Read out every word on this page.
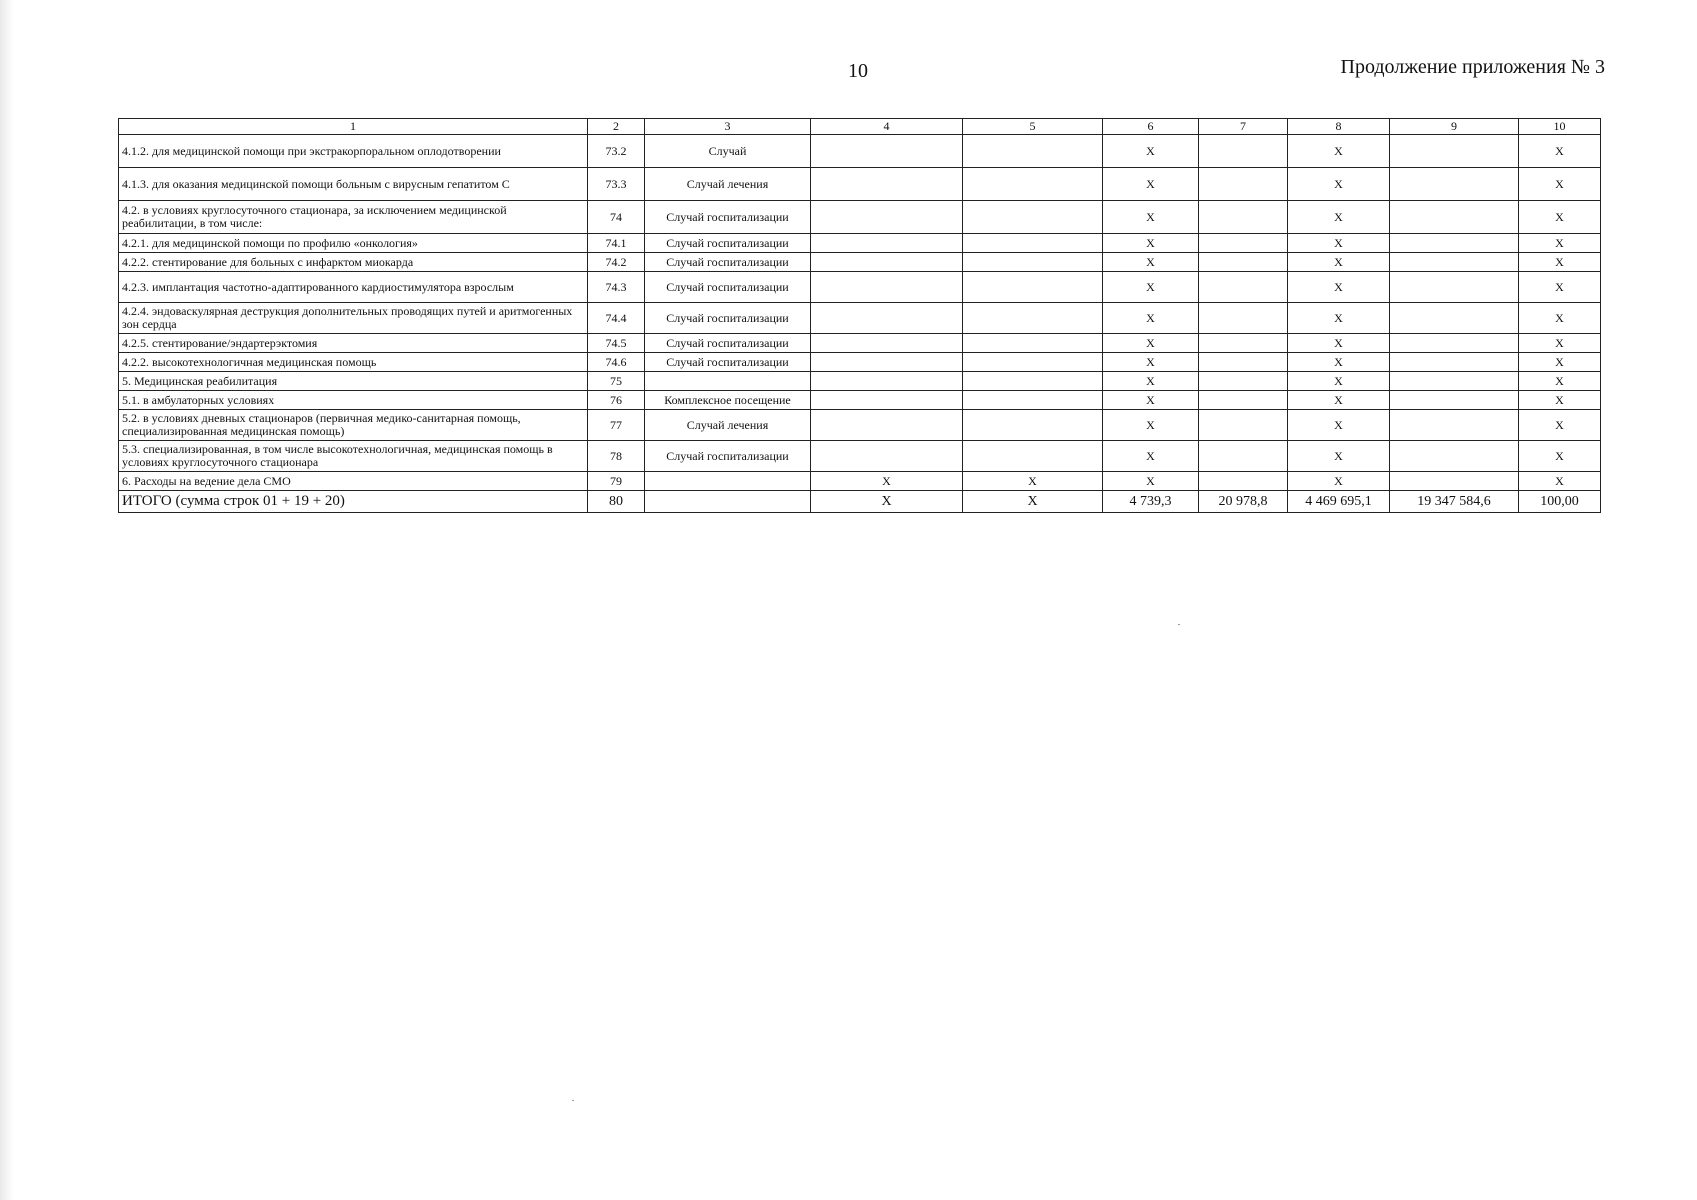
10	Продолжение приложения № 3
1	2	3	4	5	6	7	8	9	10
4.1.2. для медицинской помощи при экстракорпоральном оплодотворении	73.2	Случай			X		X		X
4.1.3. для оказания медицинской помощи больным с вирусным гепатитом С	73.3	Случай лечения			X		X		X
4.2. в условиях круглосуточного стационара, за исключением медицинской реабилитации, в том числе:	74	Случай госпитализации			X		X		X
4.2.1. для медицинской помощи по профилю «онкология»	74.1	Случай госпитализации			X		X		X
4.2.2. стентирование для больных с инфарктом миокарда	74.2	Случай госпитализации			X		X		X
4.2.3. имплантация частотно-адаптированного кардиостимулятора взрослым	74.3	Случай госпитализации			X		X		X
4.2.4. эндоваскулярная деструкция дополнительных проводящих путей и аритмогенных зон сердца	74.4	Случай госпитализации			X		X		X
4.2.5. стентирование/эндартерэктомия	74.5	Случай госпитализации			X		X		X
4.2.2. высокотехнологичная медицинская помощь	74.6	Случай госпитализации			X		X		X
5. Медицинская реабилитация	75				X		X		X
5.1. в амбулаторных условиях	76	Комплексное посещение			X		X		X
5.2. в условиях дневных стационаров (первичная медико-санитарная помощь, специализированная медицинская помощь)	77	Случай лечения			X		X		X
5.3. специализированная, в том числе высокотехнологичная, медицинская помощь в условиях круглосуточного стационара	78	Случай госпитализации			X		X		X
6. Расходы на ведение дела СМО	79		X	X	X		X		X
ИТОГО (сумма строк 01 + 19 + 20)	80		X	X	4 739,3	20 978,8	4 469 695,1	19 347 584,6	100,00
